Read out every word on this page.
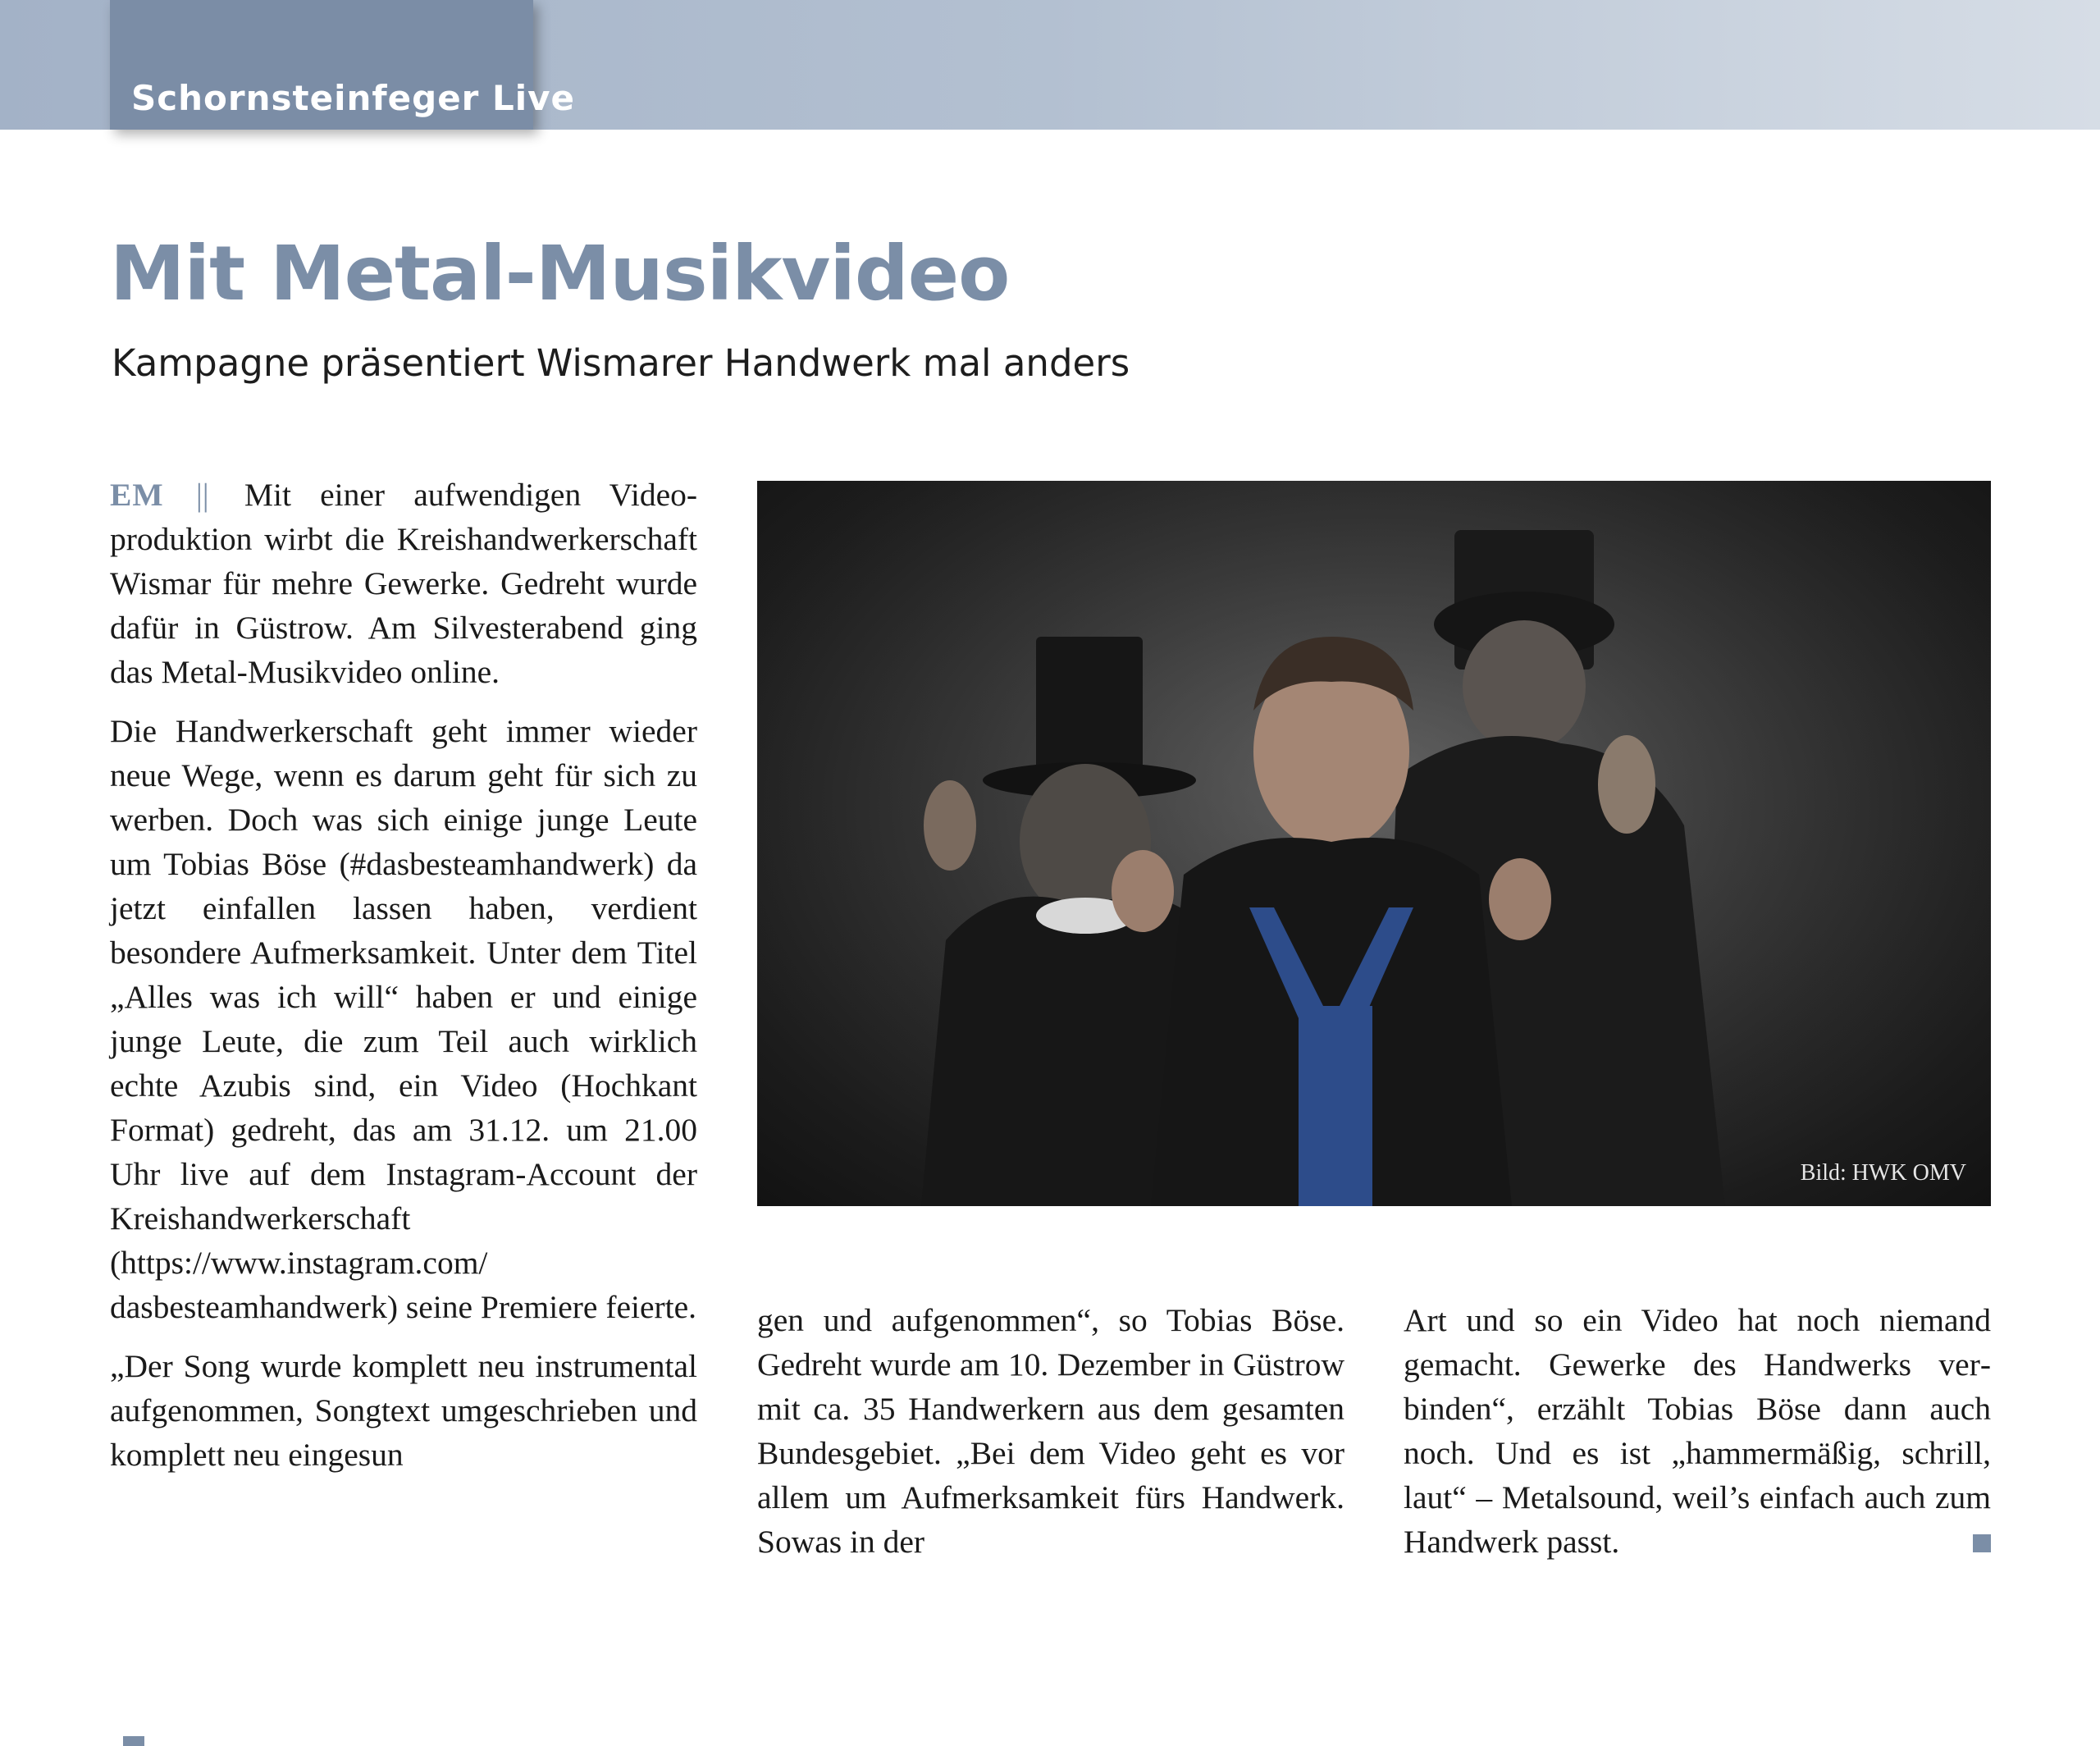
Schornsteinfeger Live
Mit Metal-Musikvideo
Kampagne präsentiert Wismarer Handwerk mal anders

EM || Mit einer aufwendigen Videoproduktion wirbt die Kreishandwerkerschaft Wismar für mehre Gewerke. Gedreht wurde dafür in Güstrow. Am Silvesterabend ging das Metal-Musikvideo online.

Die Handwerkerschaft geht immer wieder neue Wege, wenn es darum geht für sich zu werben. Doch was sich einige junge Leute um Tobias Böse (#dasbesteamhandwerk) da jetzt einfallen lassen haben, verdient besondere Aufmerksamkeit. Unter dem Titel „Alles was ich will“ haben er und einige junge Leute, die zum Teil auch wirklich echte Azubis sind, ein Video (Hochkant Format) gedreht, das am 31.12. um 21.00 Uhr live auf dem Instagram-Account der Kreishandwerkerschaft (https://www.instagram.com/ dasbesteamhandwerk) seine Premiere feierte.

„Der Song wurde komplett neu instrumental aufgenommen, Songtext umgeschrieben und komplett neu eingesun

Bild: HWK OMV

gen und aufgenommen“, so Tobias Böse. Gedreht wurde am 10. Dezember in Güstrow mit ca. 35 Handwerkern aus dem gesamten Bundesgebiet. „Bei dem Video geht es vor allem um Aufmerksamkeit fürs Handwerk. Sowas in der

Art und so ein Video hat noch niemand gemacht. Gewerke des Handwerks verbinden“, erzählt Tobias Böse dann auch noch. Und es ist „hammermäßig, schrill, laut“ – Metalsound, weil’s einfach auch zum Handwerk passt.
